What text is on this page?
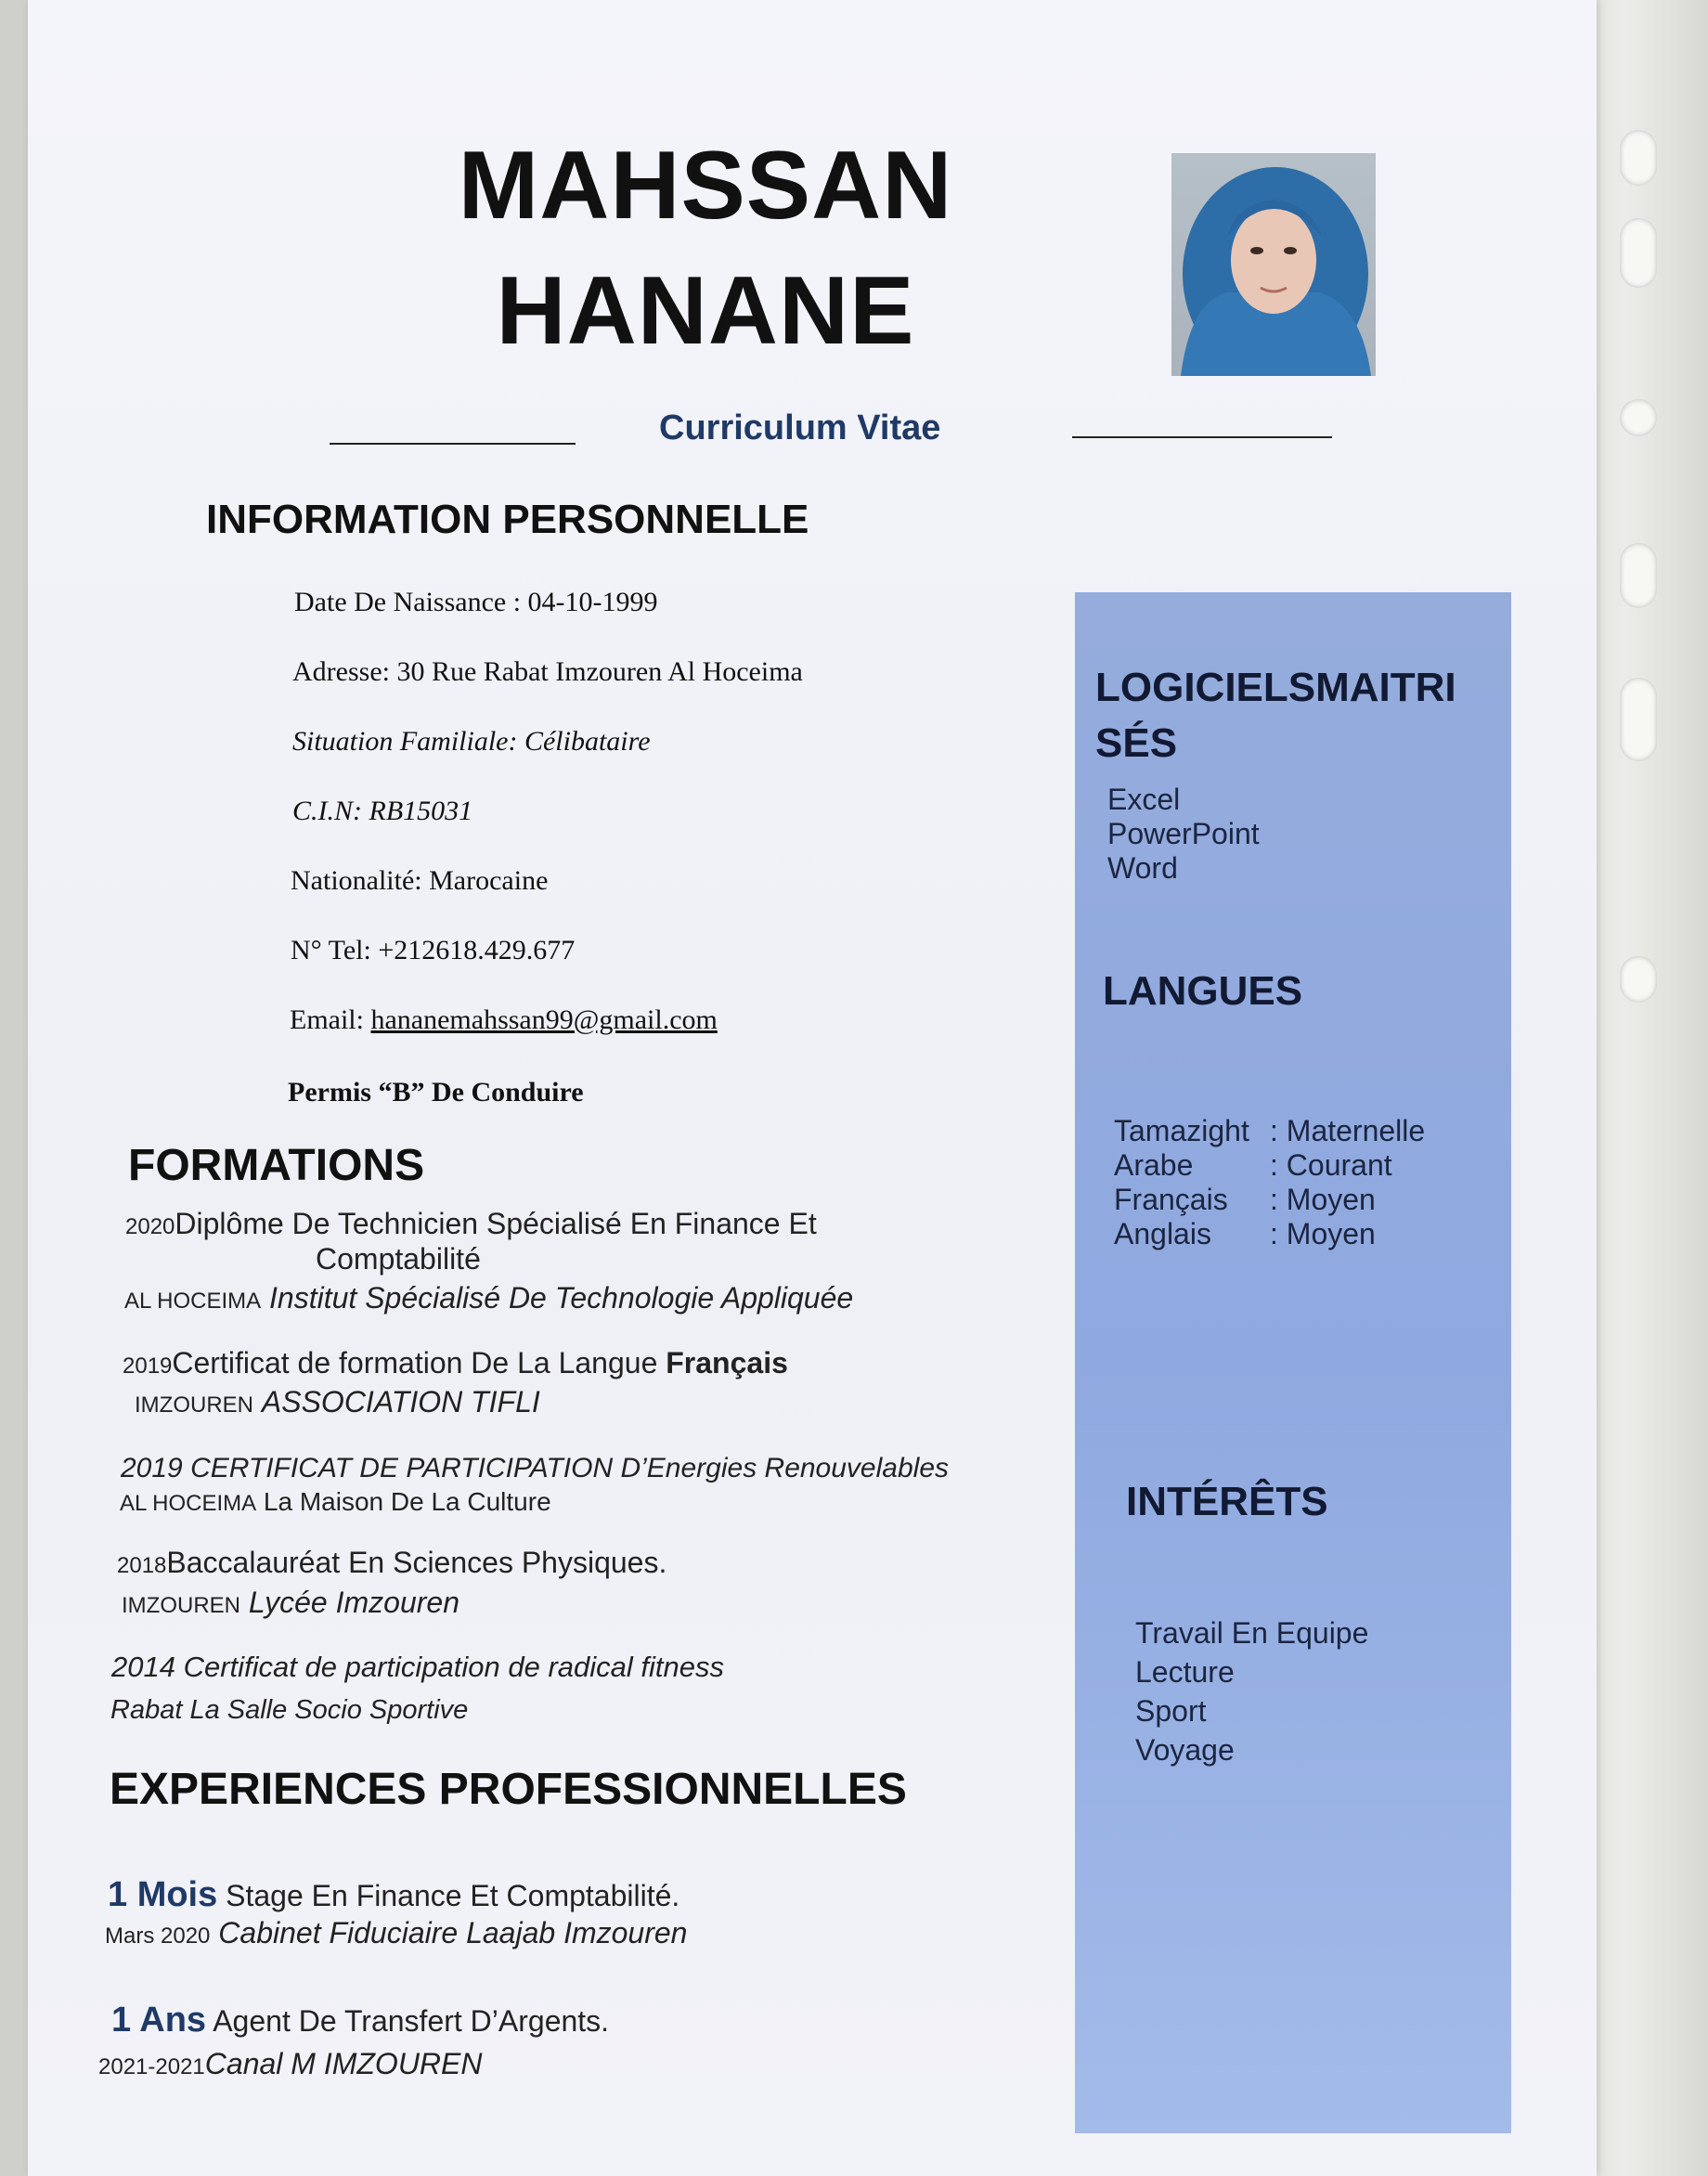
MAHSSAN
HANANE
Curriculum Vitae
INFORMATION PERSONNELLE
Date De Naissance : 04-10-1999
Adresse: 30 Rue Rabat Imzouren Al Hoceima
Situation Familiale: Célibataire
C.I.N: RB15031
Nationalité: Marocaine
N° Tel: +212618.429.677
Email: hananemahssan99@gmail.com
Permis “B” De Conduire
FORMATIONS
2020Diplôme De Technicien Spécialisé En Finance Et
Comptabilité
AL HOCEIMA Institut Spécialisé De Technologie Appliquée
2019Certificat de formation De La Langue Français
IMZOUREN ASSOCIATION TIFLI
2019 CERTIFICAT DE PARTICIPATION D’Energies Renouvelables
AL HOCEIMA La Maison De La Culture
2018Baccalauréat En Sciences Physiques.
IMZOUREN Lycée Imzouren
2014 Certificat de participation de radical fitness
Rabat La Salle Socio Sportive
EXPERIENCES PROFESSIONNELLES
1 Mois Stage En Finance Et Comptabilité.
Mars 2020 Cabinet Fiduciaire Laajab Imzouren
1 Ans Agent De Transfert D’Argents.
2021-2021Canal M IMZOUREN
LOGICIELSMAITRI
SÉS
Excel
PowerPoint
Word
LANGUES
Tamazight : Maternelle
Arabe	: Courant
Français	: Moyen
Anglais	: Moyen
INTÉRÊTS
Travail En Equipe
Lecture
Sport
Voyage
